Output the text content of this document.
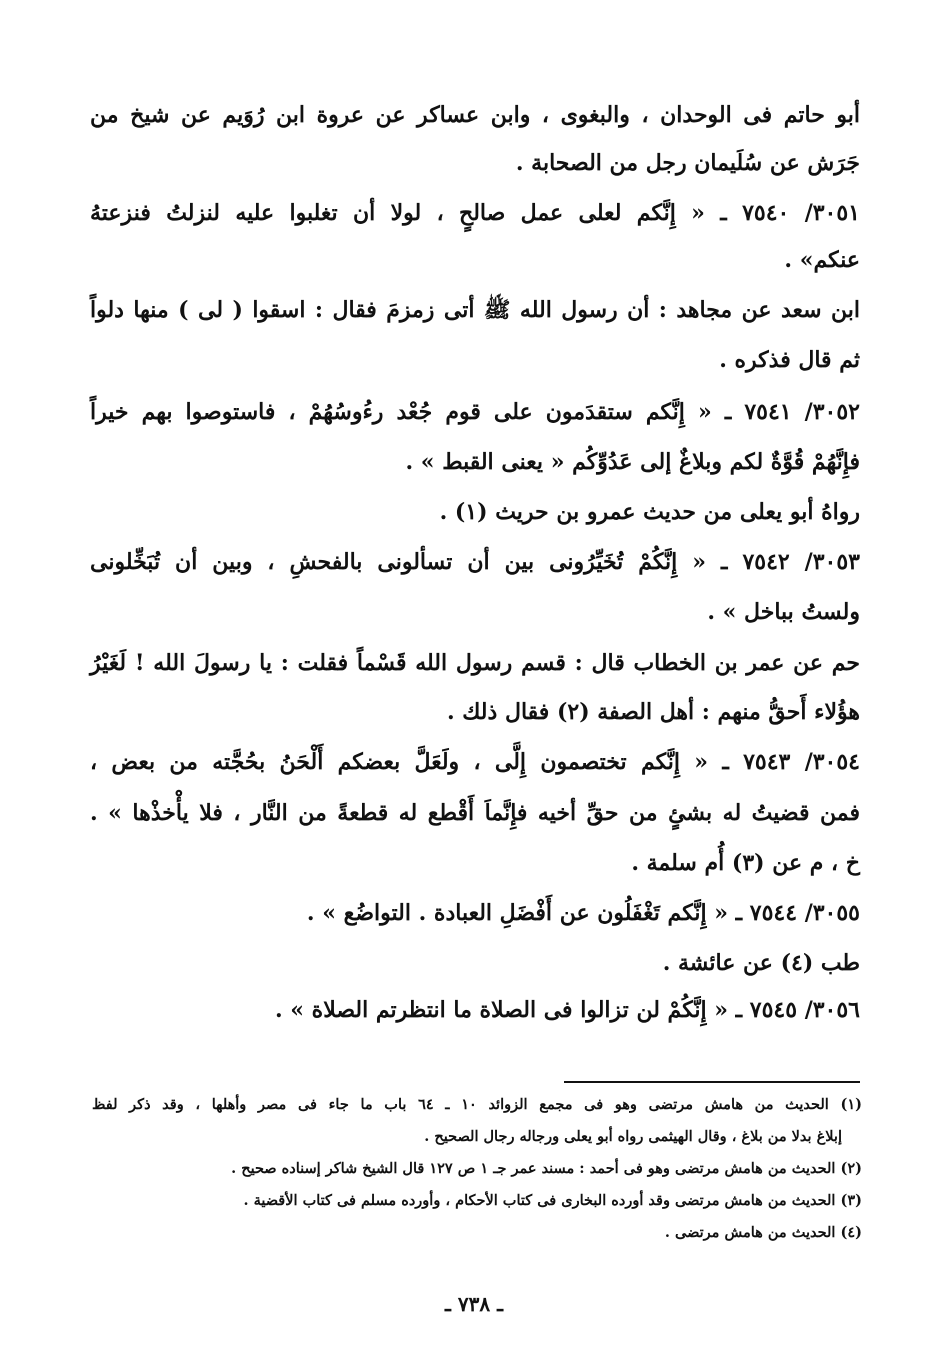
أبو حاتم فى الوحدان ، والبغوى ، وابن عساكر عن عروة ابن رُوَيم عن شيخ من
جَرَش عن سُلَيمان رجل من الصحابة .
٣٠٥١/ ٧٥٤٠ ـ « إِنَّكم لعلى عمل صالحٍ ، لولا أن تغلبوا عليه لنزلتُ فنزعتهُ
عنكم» .
ابن سعد عن مجاهد : أن رسول الله ﷺ أتى زمزمَ فقال : اسقوا ( لى ) منها دلواً
ثم قال فذكره .
٣٠٥٢/ ٧٥٤١ ـ « إِنَّكم ستقدَمون على قوم جُعْد رءُوسُهُمْ ، فاستوصوا بهم خيراً
فإِنَّهُمْ قُوَّةٌ لكم وبلاغٌ إلى عَدُوِّكُم « يعنى القبط » .
رواهُ أبو يعلى من حديث عمرو بن حريث (١) .
٣٠٥٣/ ٧٥٤٢ ـ « إِنَّكُمْ تُخَيِّرُونى بين أن تسألونى بالفحشِ ، وبين أن تُبَخِّلونى
ولستُ بباخل » .
حم عن عمر بن الخطاب قال : قسم رسول الله قَسْماً فقلت : يا رسولَ الله ! لَغَيْرُ
هؤُلاء أَحقُّ منهم : أهل الصفة (٢) فقال ذلك .
٣٠٥٤/ ٧٥٤٣ ـ « إِنَّكم تختصمون إِلَّى ، ولَعَلَّ بعضكم أَلْحَنُ بحُجَّته من بعض ،
فمن قضيتُ له بشئٍ من حقِّ أخيه فإِنَّماَ أَقْطع له قطعةً من النَّار ، فلا يأْخذْها » .
خ ، م عن (٣) أُم سلمة .
٣٠٥٥/ ٧٥٤٤ ـ « إِنَّكم تَغْفَلُون عن أَفْضَلِ العبادة . التواضُع » .
طب (٤) عن عائشة .
٣٠٥٦/ ٧٥٤٥ ـ « إِنَّكُمْ لن تزالوا فى الصلاة ما انتظرتم الصلاة » .
(١) الحديث من هامش مرتضى وهو فى مجمع الزوائد ١٠ ـ ٦٤ باب ما جاء فى مصر وأهلها ، وقد ذكر لفظ
إبلاغ بدلا من بلاغ ، وقال الهيثمى رواه أبو يعلى ورجاله رجال الصحيح .
(٢) الحديث من هامش مرتضى وهو فى أحمد : مسند عمر جـ ١ ص ١٢٧ قال الشيخ شاكر إسناده صحيح .
(٣) الحديث من هامش مرتضى وقد أورده البخارى فى كتاب الأحكام ، وأورده مسلم فى كتاب الأقضية .
(٤) الحديث من هامش مرتضى .
ـ ٧٣٨ ـ
